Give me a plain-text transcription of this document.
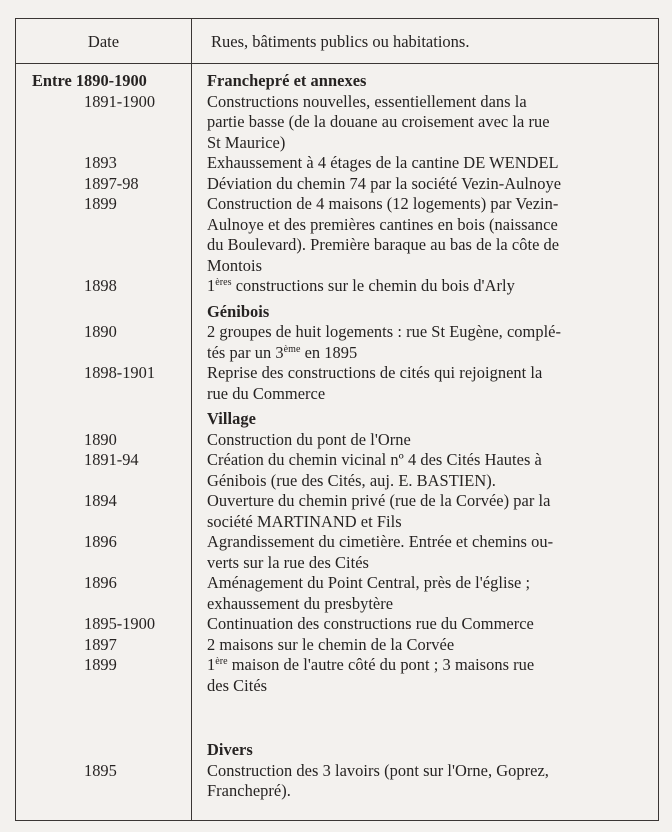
Date	Rues, bâtiments publics ou habitations.
Entre 1890-1900
1891-1900
1893
1897-98
1899
1898
1890
1898-1901
1890
1891-94
1894
1896
1896
1895-1900
1897
1899
1895
Franchepré et annexes
Constructions nouvelles, essentiellement dans la
partie basse (de la douane au croisement avec la rue
St Maurice)
Exhaussement à 4 étages de la cantine DE WENDEL
Déviation du chemin 74 par la société Vezin-Aulnoye
Construction de 4 maisons (12 logements) par Vezin-
Aulnoye et des premières cantines en bois (naissance
du Boulevard). Première baraque au bas de la côte de
Montois
1ères constructions sur le chemin du bois d'Arly
Génibois
2 groupes de huit logements : rue St Eugène, complé-
tés par un 3ème en 1895
Reprise des constructions de cités qui rejoignent la
rue du Commerce
Village
Construction du pont de l'Orne
Création du chemin vicinal nº 4 des Cités Hautes à
Génibois (rue des Cités, auj. E. BASTIEN).
Ouverture du chemin privé (rue de la Corvée) par la
société MARTINAND et Fils
Agrandissement du cimetière. Entrée et chemins ou-
verts sur la rue des Cités
Aménagement du Point Central, près de l'église ;
exhaussement du presbytère
Continuation des constructions rue du Commerce
2 maisons sur le chemin de la Corvée
1ère maison de l'autre côté du pont ; 3 maisons rue
des Cités
Divers
Construction des 3 lavoirs (pont sur l'Orne, Goprez,
Franchepré).
